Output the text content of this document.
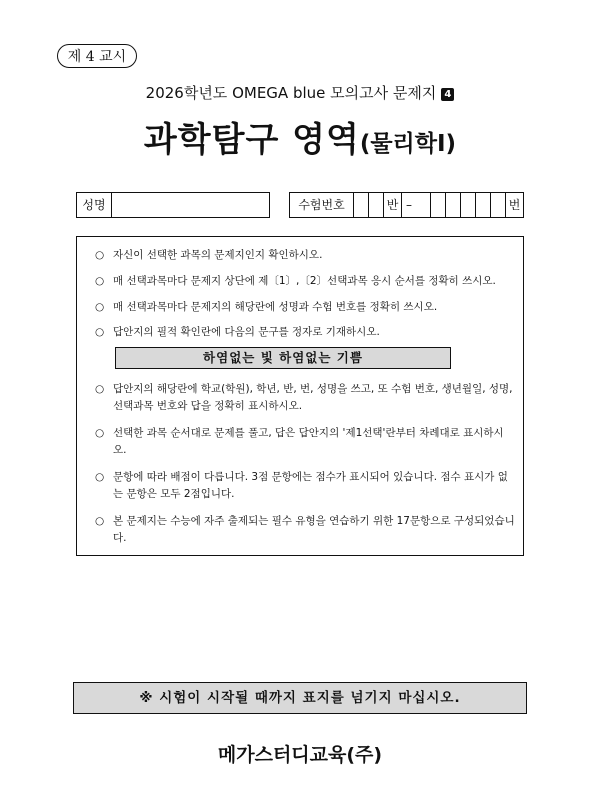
제 4 교시
2026학년도 OMEGA blue 모의고사 문제지 4
과학탐구 영역(물리학Ⅰ)
성명	수험번호	반 –	번
○ 자신이 선택한 과목의 문제지인지 확인하시오.
○ 매 선택과목마다 문제지 상단에 제〔1〕,〔2〕선택과목 응시 순서를 정확히 쓰시오.
○ 매 선택과목마다 문제지의 해당란에 성명과 수험 번호를 정확히 쓰시오.
○ 답안지의 필적 확인란에 다음의 문구를 정자로 기재하시오.
하염없는 빛 하염없는 기쁨
○ 답안지의 해당란에 학교(학원), 학년, 반, 번, 성명을 쓰고, 또 수험 번호, 생년월일, 성명, 선택과목 번호와 답을 정확히 표시하시오.
○ 선택한 과목 순서대로 문제를 풀고, 답은 답안지의 '제1선택'란부터 차례대로 표시하시오.
○ 문항에 따라 배점이 다릅니다. 3점 문항에는 점수가 표시되어 있습니다. 점수 표시가 없는 문항은 모두 2점입니다.
○ 본 문제지는 수능에 자주 출제되는 필수 유형을 연습하기 위한 17문항으로 구성되었습니다.
※ 시험이 시작될 때까지 표지를 넘기지 마십시오.
메가스터디교육(주)
